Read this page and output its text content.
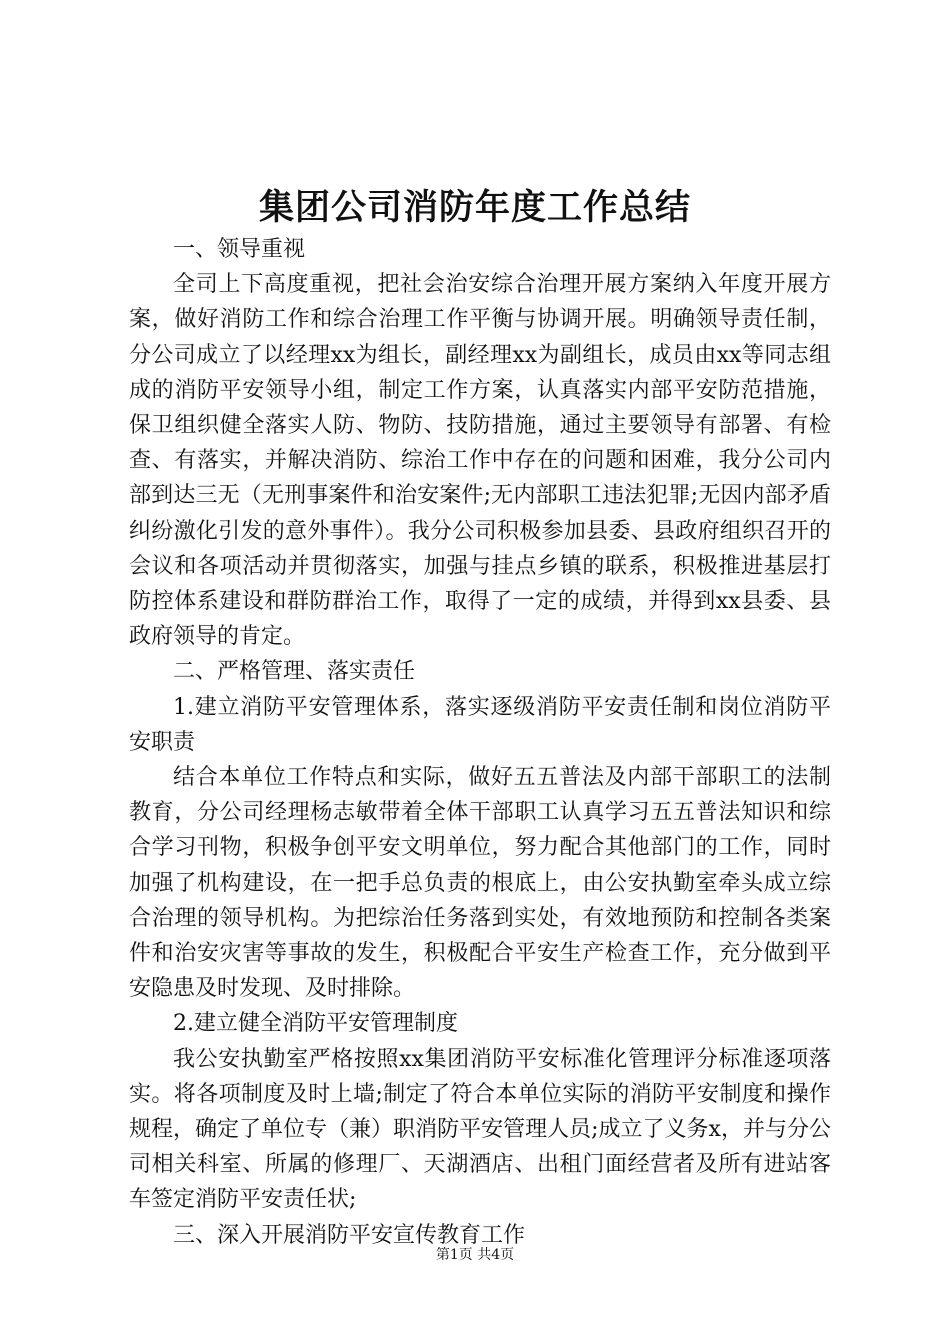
集团公司消防年度工作总结

一、领导重视

全司上下高度重视，把社会治安综合治理开展方案纳入年度开展方案，做好消防工作和综合治理工作平衡与协调开展。明确领导责任制，分公司成立了以经理xx为组长，副经理xx为副组长，成员由xx等同志组成的消防平安领导小组，制定工作方案，认真落实内部平安防范措施，保卫组织健全落实人防、物防、技防措施，通过主要领导有部署、有检查、有落实，并解决消防、综治工作中存在的问题和困难，我分公司内部到达三无（无刑事案件和治安案件;无内部职工违法犯罪;无因内部矛盾纠纷激化引发的意外事件）。我分公司积极参加县委、县政府组织召开的会议和各项活动并贯彻落实，加强与挂点乡镇的联系，积极推进基层打防控体系建设和群防群治工作，取得了一定的成绩，并得到xx县委、县政府领导的肯定。

二、严格管理、落实责任

1.建立消防平安管理体系，落实逐级消防平安责任制和岗位消防平安职责

结合本单位工作特点和实际，做好五五普法及内部干部职工的法制教育，分公司经理杨志敏带着全体干部职工认真学习五五普法知识和综合学习刊物，积极争创平安文明单位，努力配合其他部门的工作，同时加强了机构建设，在一把手总负责的根底上，由公安执勤室牵头成立综合治理的领导机构。为把综治任务落到实处，有效地预防和控制各类案件和治安灾害等事故的发生，积极配合平安生产检查工作，充分做到平安隐患及时发现、及时排除。

2.建立健全消防平安管理制度

我公安执勤室严格按照xx集团消防平安标准化管理评分标准逐项落实。将各项制度及时上墙;制定了符合本单位实际的消防平安制度和操作规程，确定了单位专（兼）职消防平安管理人员;成立了义务x，并与分公司相关科室、所属的修理厂、天湖酒店、出租门面经营者及所有进站客车签定消防平安责任状;

三、深入开展消防平安宣传教育工作

第1页 共4页
